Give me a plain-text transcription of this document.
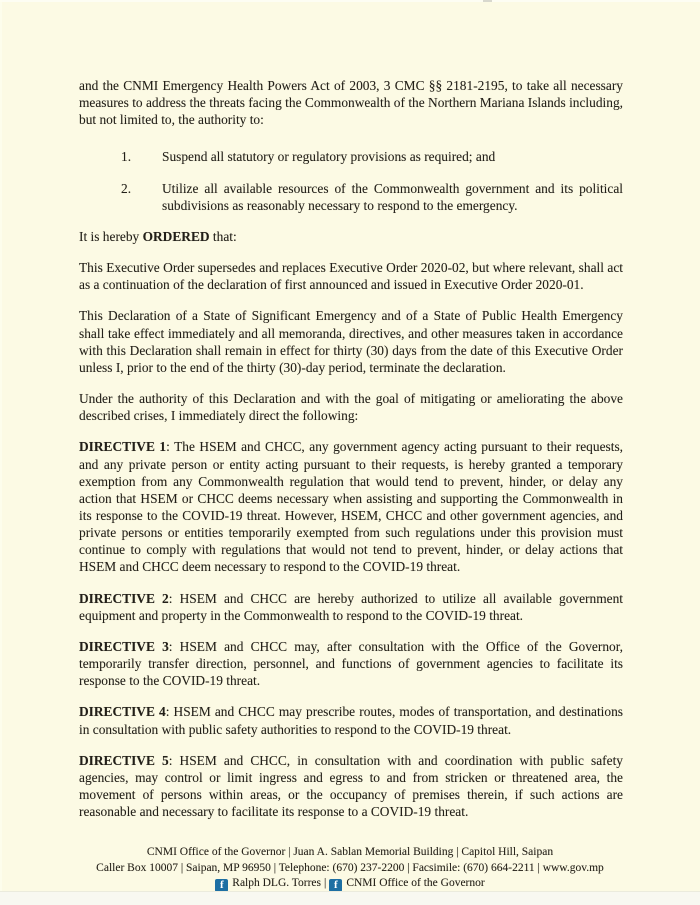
and the CNMI Emergency Health Powers Act of 2003, 3 CMC §§ 2181-2195, to take all necessary measures to address the threats facing the Commonwealth of the Northern Mariana Islands including, but not limited to, the authority to:

1.	Suspend all statutory or regulatory provisions as required; and
2.	Utilize all available resources of the Commonwealth government and its political subdivisions as reasonably necessary to respond to the emergency.

It is hereby ORDERED that:

This Executive Order supersedes and replaces Executive Order 2020-02, but where relevant, shall act as a continuation of the declaration of first announced and issued in Executive Order 2020-01.

This Declaration of a State of Significant Emergency and of a State of Public Health Emergency shall take effect immediately and all memoranda, directives, and other measures taken in accordance with this Declaration shall remain in effect for thirty (30) days from the date of this Executive Order unless I, prior to the end of the thirty (30)-day period, terminate the declaration.

Under the authority of this Declaration and with the goal of mitigating or ameliorating the above described crises, I immediately direct the following:

DIRECTIVE 1: The HSEM and CHCC, any government agency acting pursuant to their requests, and any private person or entity acting pursuant to their requests, is hereby granted a temporary exemption from any Commonwealth regulation that would tend to prevent, hinder, or delay any action that HSEM or CHCC deems necessary when assisting and supporting the Commonwealth in its response to the COVID-19 threat. However, HSEM, CHCC and other government agencies, and private persons or entities temporarily exempted from such regulations under this provision must continue to comply with regulations that would not tend to prevent, hinder, or delay actions that HSEM and CHCC deem necessary to respond to the COVID-19 threat.

DIRECTIVE 2: HSEM and CHCC are hereby authorized to utilize all available government equipment and property in the Commonwealth to respond to the COVID-19 threat.

DIRECTIVE 3: HSEM and CHCC may, after consultation with the Office of the Governor, temporarily transfer direction, personnel, and functions of government agencies to facilitate its response to the COVID-19 threat.

DIRECTIVE 4: HSEM and CHCC may prescribe routes, modes of transportation, and destinations in consultation with public safety authorities to respond to the COVID-19 threat.

DIRECTIVE 5: HSEM and CHCC, in consultation with and coordination with public safety agencies, may control or limit ingress and egress to and from stricken or threatened area, the movement of persons within areas, or the occupancy of premises therein, if such actions are reasonable and necessary to facilitate its response to a COVID-19 threat.

CNMI Office of the Governor | Juan A. Sablan Memorial Building | Capitol Hill, Saipan
Caller Box 10007 | Saipan, MP 96950 | Telephone: (670) 237-2200 | Facsimile: (670) 664-2211 | www.gov.mp
f Ralph DLG. Torres | f CNMI Office of the Governor
